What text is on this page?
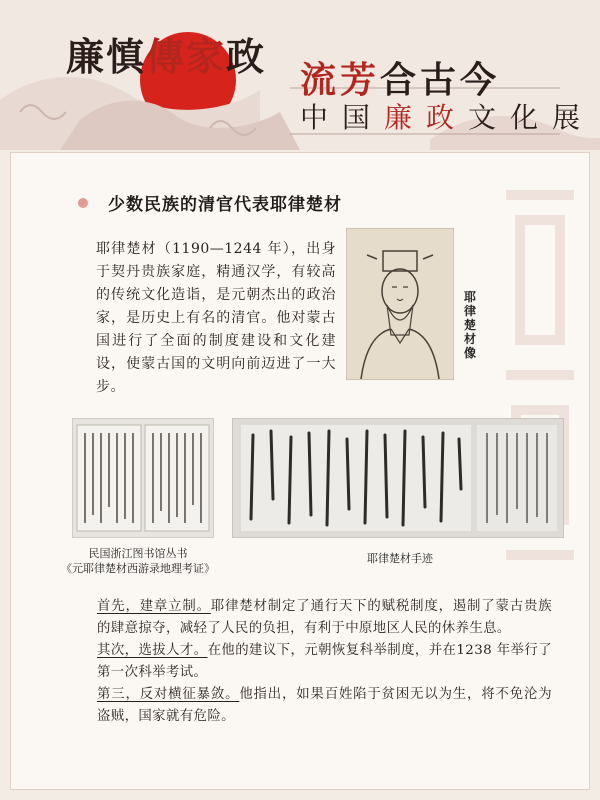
廉慎傳家政
流芳合古今
中国廉政文化展
少数民族的清官代表耶律楚材
耶律楚材（1190—1244 年），出身于契丹贵族家庭，精通汉学，有较高的传统文化造诣，是元朝杰出的政治家，是历史上有名的清官。他对蒙古国进行了全面的制度建设和文化建设，使蒙古国的文明向前迈进了一大步。
耶律楚材像
民国浙江图书馆丛书
《元耶律楚材西游录地理考证》
耶律楚材手迹

首先，建章立制。耶律楚材制定了通行天下的赋税制度，遏制了蒙古贵族的肆意掠夺，减轻了人民的负担，有利于中原地区人民的休养生息。

其次，选拔人才。在他的建议下，元朝恢复科举制度，并在1238 年举行了第一次科举考试。

第三，反对横征暴敛。他指出，如果百姓陷于贫困无以为生，将不免沦为盗贼，国家就有危险。
